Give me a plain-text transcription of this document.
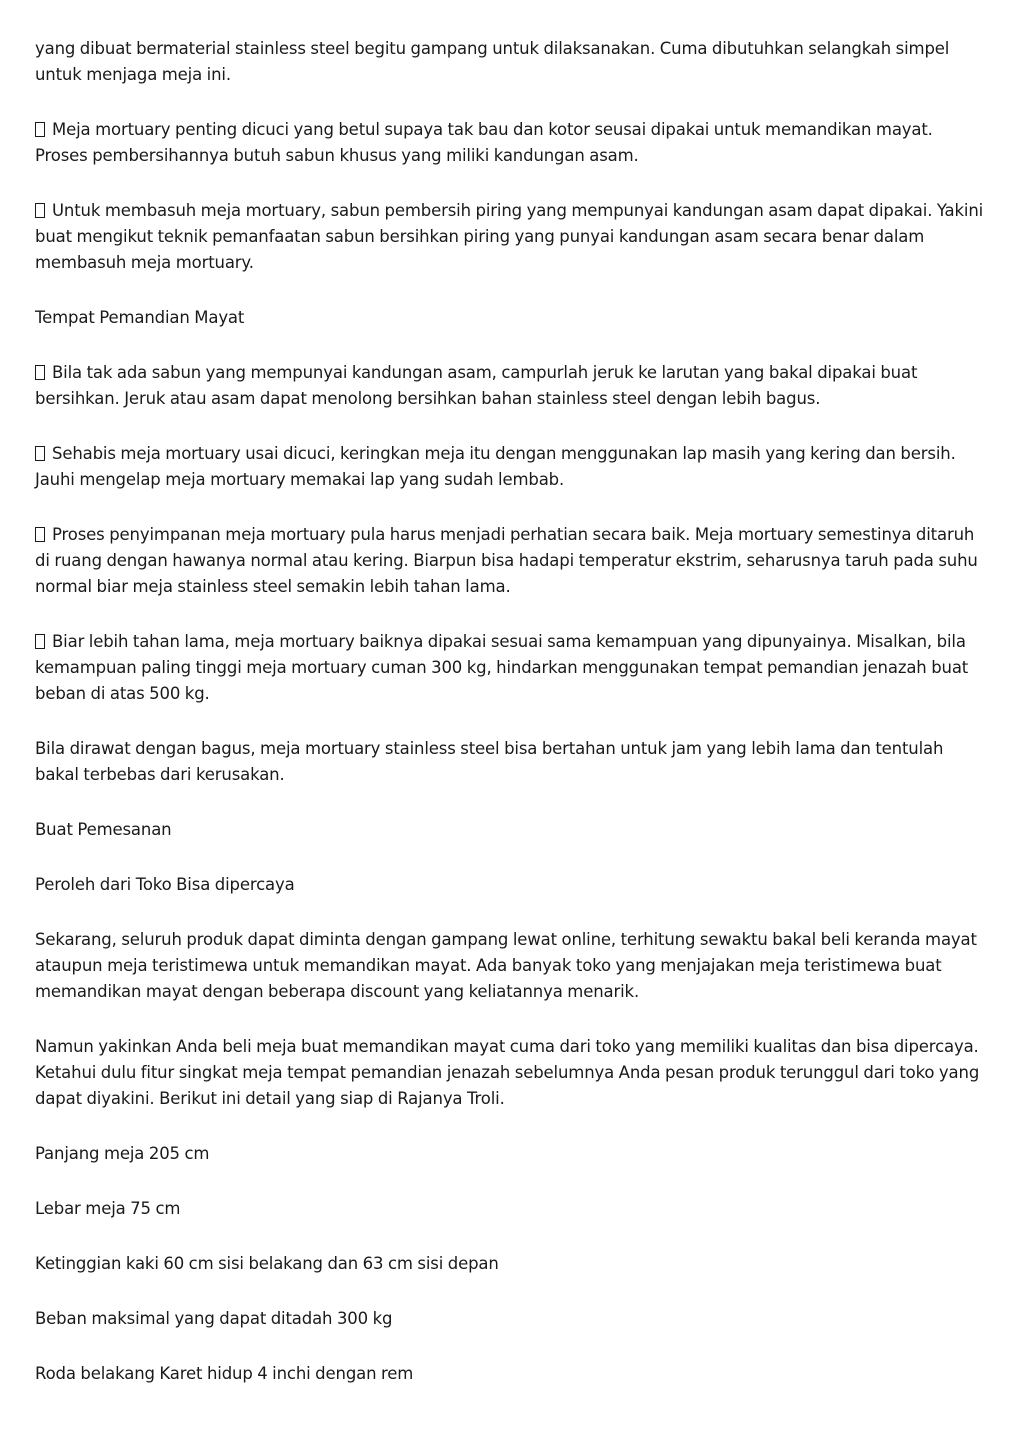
yang dibuat bermaterial stainless steel begitu gampang untuk dilaksanakan. Cuma dibutuhkan selangkah simpel untuk menjaga meja ini.

Meja mortuary penting dicuci yang betul supaya tak bau dan kotor seusai dipakai untuk memandikan mayat. Proses pembersihannya butuh sabun khusus yang miliki kandungan asam.

Untuk membasuh meja mortuary, sabun pembersih piring yang mempunyai kandungan asam dapat dipakai. Yakini buat mengikut teknik pemanfaatan sabun bersihkan piring yang punyai kandungan asam secara benar dalam membasuh meja mortuary.

Tempat Pemandian Mayat

Bila tak ada sabun yang mempunyai kandungan asam, campurlah jeruk ke larutan yang bakal dipakai buat bersihkan. Jeruk atau asam dapat menolong bersihkan bahan stainless steel dengan lebih bagus.

Sehabis meja mortuary usai dicuci, keringkan meja itu dengan menggunakan lap masih yang kering dan bersih. Jauhi mengelap meja mortuary memakai lap yang sudah lembab.

Proses penyimpanan meja mortuary pula harus menjadi perhatian secara baik. Meja mortuary semestinya ditaruh di ruang dengan hawanya normal atau kering. Biarpun bisa hadapi temperatur ekstrim, seharusnya taruh pada suhu normal biar meja stainless steel semakin lebih tahan lama.

Biar lebih tahan lama, meja mortuary baiknya dipakai sesuai sama kemampuan yang dipunyainya. Misalkan, bila kemampuan paling tinggi meja mortuary cuman 300 kg, hindarkan menggunakan tempat pemandian jenazah buat beban di atas 500 kg.

Bila dirawat dengan bagus, meja mortuary stainless steel bisa bertahan untuk jam yang lebih lama dan tentulah bakal terbebas dari kerusakan.

Buat Pemesanan

Peroleh dari Toko Bisa dipercaya

Sekarang, seluruh produk dapat diminta dengan gampang lewat online, terhitung sewaktu bakal beli keranda mayat ataupun meja teristimewa untuk memandikan mayat. Ada banyak toko yang menjajakan meja teristimewa buat memandikan mayat dengan beberapa discount yang keliatannya menarik.

Namun yakinkan Anda beli meja buat memandikan mayat cuma dari toko yang memiliki kualitas dan bisa dipercaya. Ketahui dulu fitur singkat meja tempat pemandian jenazah sebelumnya Anda pesan produk terunggul dari toko yang dapat diyakini. Berikut ini detail yang siap di Rajanya Troli.

Panjang meja 205 cm

Lebar meja 75 cm

Ketinggian kaki 60 cm sisi belakang dan 63 cm sisi depan

Beban maksimal yang dapat ditadah 300 kg

Roda belakang Karet hidup 4 inchi dengan rem
